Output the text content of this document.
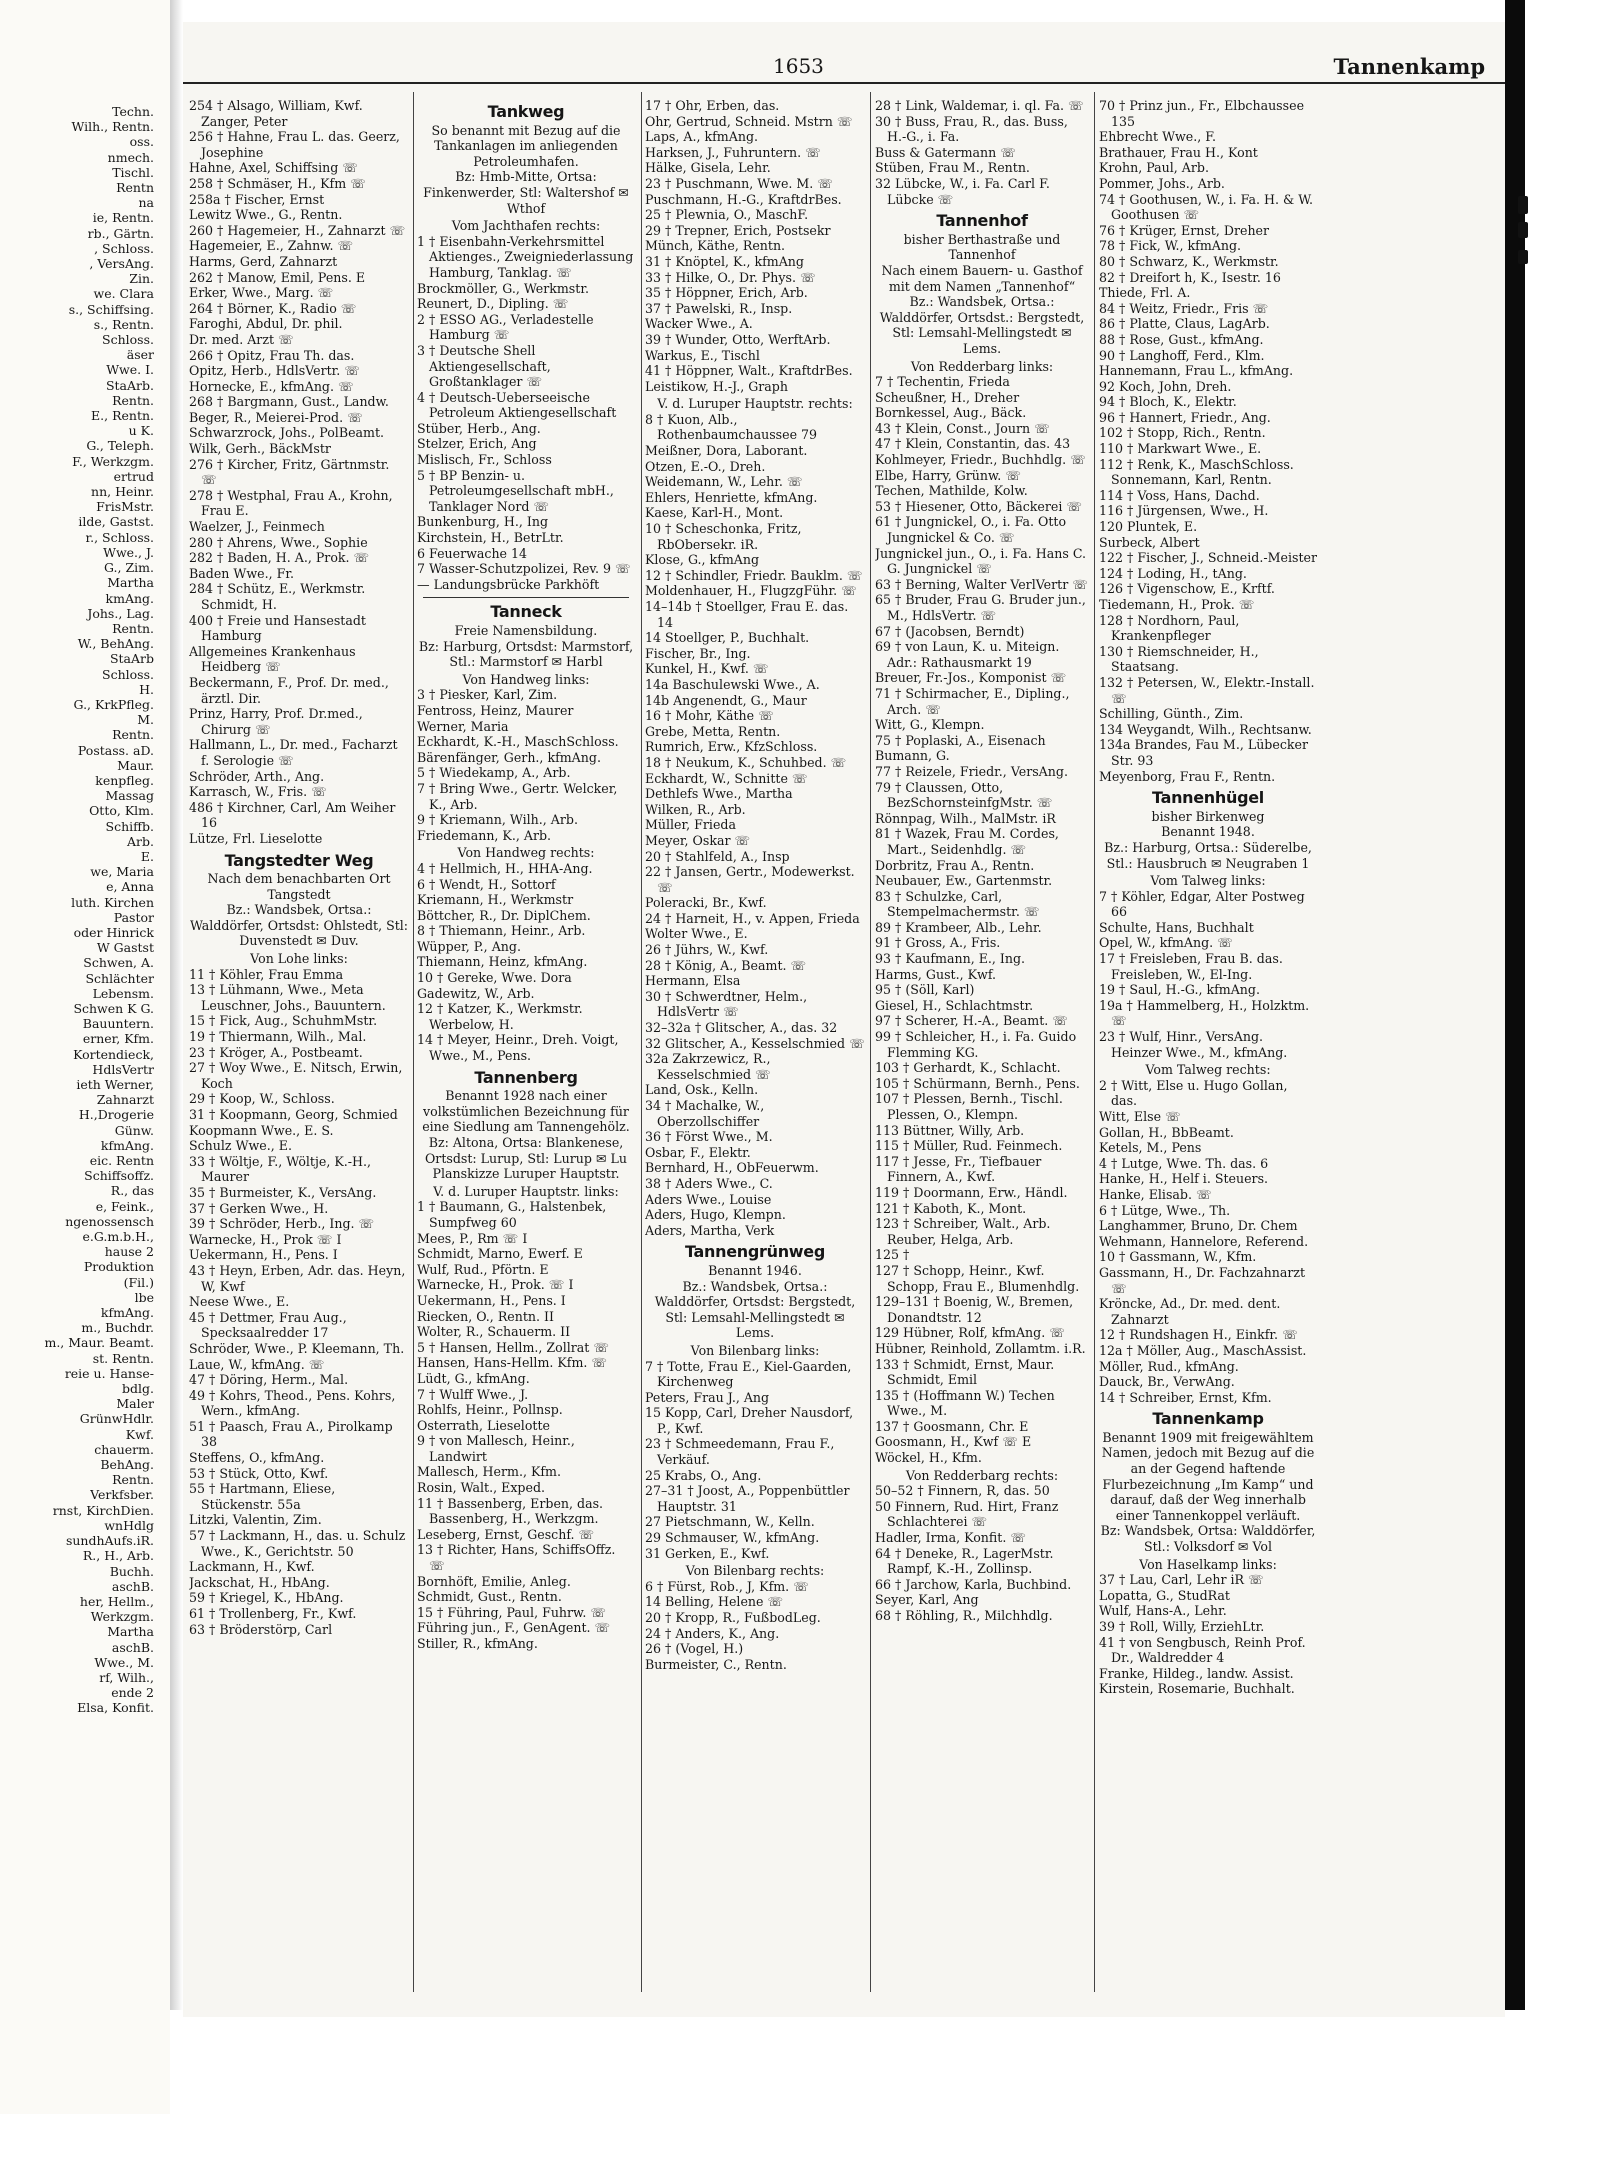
Techn.
Wilh., Rentn.
oss.
nmech.
Tischl.
Rentn
na
ie, Rentn.
rb., Gärtn.
, Schloss.
, VersAng.
Zin.
we. Clara
s., Schiffsing.
s., Rentn.
Schloss.
äser
Wwe. I.
StaArb.
Rentn.
E., Rentn.
u K.
G., Teleph.
F., Werkzgm.
ertrud
nn, Heinr.
FrisMstr.
ilde, Gastst.
r., Schloss.
Wwe., J.
G., Zim.
Martha
kmAng.
Johs., Lag.
Rentn.
W., BehAng.
StaArb
Schloss.
H.
G., KrkPfleg.
M.
Rentn.
Postass. aD.
Maur.
kenpfleg.
Massag
Otto, Klm.
Schiffb.
Arb.
E.
we, Maria
e, Anna
luth. Kirchen
Pastor
oder Hinrick
W Gastst
Schwen, A.
Schlächter
Lebensm.
Schwen K G.
Bauuntern.
erner, Kfm.
Kortendieck,
HdlsVertr
ieth Werner,
Zahnarzt
H.,Drogerie
Günw.
kfmAng.
eic. Rentn
Schiffsoffz.
R., das
e, Feink.,
ngenossensch
e.G.m.b.H.,
hause 2
Produktion
(Fil.)
lbe
kfmAng.
m., Buchdr.
m., Maur. Beamt.
st. Rentn.
reie u. Hanse-
bdlg.
Maler
GrünwHdlr.
Kwf.
chauerm.
BehAng.
Rentn.
Verkfsber.
rnst, KirchDien.
wnHdlg
sundhAufs.iR.
R., H., Arb.
Buchh.
aschB.
her, Hellm.,
Werkzgm.
Martha
aschB.
Wwe., M.
rf, Wilh.,
ende 2
Elsa, Konfit.
1653	Tannenkamp
254 † Alsago, William, Kwf. Zanger, Peter
256 † Hahne, Frau L. das. Geerz, Josephine
Hahne, Axel, Schiffsing ☏
258 † Schmäser, H., Kfm ☏
258a † Fischer, Ernst
Lewitz Wwe., G., Rentn.
260 † Hagemeier, H., Zahnarzt ☏
Hagemeier, E., Zahnw. ☏
Harms, Gerd, Zahnarzt
262 † Manow, Emil, Pens. E
Erker, Wwe., Marg. ☏
264 † Börner, K., Radio ☏
Faroghi, Abdul, Dr. phil.
Dr. med. Arzt ☏
266 † Opitz, Frau Th. das.
Opitz, Herb., HdlsVertr. ☏
Hornecke, E., kfmAng. ☏
268 † Bargmann, Gust., Landw.
Beger, R., Meierei-Prod. ☏
Schwarzrock, Johs., PolBeamt.
Wilk, Gerh., BäckMstr
276 † Kircher, Fritz, Gärtnmstr. ☏
278 † Westphal, Frau A., Krohn, Frau E.
Waelzer, J., Feinmech
280 † Ahrens, Wwe., Sophie
282 † Baden, H. A., Prok. ☏
Baden Wwe., Fr.
284 † Schütz, E., Werkmstr. Schmidt, H.
400 † Freie und Hansestadt Hamburg
Allgemeines Krankenhaus Heidberg ☏
Beckermann, F., Prof. Dr. med., ärztl. Dir.
Prinz, Harry, Prof. Dr.med., Chirurg ☏
Hallmann, L., Dr. med., Facharzt f. Serologie ☏
Schröder, Arth., Ang.
Karrasch, W., Fris. ☏
486 † Kirchner, Carl, Am Weiher 16
Lütze, Frl. Lieselotte
Tangstedter Weg
Nach dem benachbarten Ort Tangstedt
Bz.: Wandsbek, Ortsa.: Walddörfer, Ortsdst: Ohlstedt, Stl: Duvenstedt ✉ Duv.
Von Lohe links:
11 † Köhler, Frau Emma
13 † Lühmann, Wwe., Meta Leuschner, Johs., Bauuntern.
15 † Fick, Aug., SchuhmMstr.
19 † Thiermann, Wilh., Mal.
23 † Kröger, A., Postbeamt.
27 † Woy Wwe., E. Nitsch, Erwin, Koch
29 † Koop, W., Schloss.
31 † Koopmann, Georg, Schmied
Koopmann Wwe., E. S.
Schulz Wwe., E.
33 † Wöltje, F., Wöltje, K.-H., Maurer
35 † Burmeister, K., VersAng.
37 † Gerken Wwe., H.
39 † Schröder, Herb., Ing. ☏
Warnecke, H., Prok ☏ I
Uekermann, H., Pens. I
43 † Heyn, Erben, Adr. das. Heyn, W, Kwf
Neese Wwe., E.
45 † Dettmer, Frau Aug., Specksaalredder 17
Schröder, Wwe., P. Kleemann, Th.
Laue, W., kfmAng. ☏
47 † Döring, Herm., Mal.
49 † Kohrs, Theod., Pens. Kohrs, Wern., kfmAng.
51 † Paasch, Frau A., Pirolkamp 38
Steffens, O., kfmAng.
53 † Stück, Otto, Kwf.
55 † Hartmann, Eliese, Stückenstr. 55a
Litzki, Valentin, Zim.
57 † Lackmann, H., das. u. Schulz Wwe., K., Gerichtstr. 50
Lackmann, H., Kwf.
Jackschat, H., HbAng.
59 † Kriegel, K., HbAng.
61 † Trollenberg, Fr., Kwf.
63 † Bröderstörp, Carl
Tankweg
So benannt mit Bezug auf die Tankanlagen im anliegenden Petroleumhafen.
Bz: Hmb-Mitte, Ortsa: Finkenwerder, Stl: Waltershof ✉ Wthof
Vom Jachthafen rechts:
1 † Eisenbahn-Verkehrsmittel Aktienges., Zweigniederlassung Hamburg, Tanklag. ☏
Brockmöller, G., Werkmstr.
Reunert, D., Dipling. ☏
2 † ESSO AG., Verladestelle Hamburg ☏
3 † Deutsche Shell Aktiengesellschaft, Großtanklager ☏
4 † Deutsch-Ueberseeische Petroleum Aktiengesellschaft
Stüber, Herb., Ang.
Stelzer, Erich, Ang
Mislisch, Fr., Schloss
5 † BP Benzin- u. Petroleumgesellschaft mbH., Tanklager Nord ☏
Bunkenburg, H., Ing
Kirchstein, H., BetrLtr.
6 Feuerwache 14
7 Wasser-Schutzpolizei, Rev. 9 ☏
— Landungsbrücke Parkhöft
Tanneck
Freie Namensbildung.
Bz: Harburg, Ortsdst: Marmstorf, Stl.: Marmstorf ✉ Harbl
Von Handweg links:
3 † Piesker, Karl, Zim.
Fentross, Heinz, Maurer
Werner, Maria
Eckhardt, K.-H., MaschSchloss.
Bärenfänger, Gerh., kfmAng.
5 † Wiedekamp, A., Arb.
7 † Bring Wwe., Gertr. Welcker, K., Arb.
9 † Kriemann, Wilh., Arb.
Friedemann, K., Arb.
Von Handweg rechts:
4 † Hellmich, H., HHA-Ang.
6 † Wendt, H., Sottorf
Kriemann, H., Werkmstr
Böttcher, R., Dr. DiplChem.
8 † Thiemann, Heinr., Arb.
Wüpper, P., Ang.
Thiemann, Heinz, kfmAng.
10 † Gereke, Wwe. Dora
Gadewitz, W., Arb.
12 † Katzer, K., Werkmstr. Werbelow, H.
14 † Meyer, Heinr., Dreh. Voigt, Wwe., M., Pens.
Tannenberg
Benannt 1928 nach einer volkstümlichen Bezeichnung für eine Siedlung am Tannengehölz.
Bz: Altona, Ortsa: Blankenese, Ortsdst: Lurup, Stl: Lurup ✉ Lu
Planskizze Luruper Hauptstr.
V. d. Luruper Hauptstr. links:
1 † Baumann, G., Halstenbek, Sumpfweg 60
Mees, P., Rm ☏ I
Schmidt, Marno, Ewerf. E
Wulf, Rud., Pförtn. E
Warnecke, H., Prok. ☏ I
Uekermann, H., Pens. I
Riecken, O., Rentn. II
Wolter, R., Schauerm. II
5 † Hansen, Hellm., Zollrat ☏
Hansen, Hans-Hellm. Kfm. ☏
Lüdt, G., kfmAng.
7 † Wulff Wwe., J.
Rohlfs, Heinr., Pollnsp.
Osterrath, Lieselotte
9 † von Mallesch, Heinr., Landwirt
Mallesch, Herm., Kfm.
Rosin, Walt., Exped.
11 † Bassenberg, Erben, das. Bassenberg, H., Werkzgm.
Leseberg, Ernst, Geschf. ☏
13 † Richter, Hans, SchiffsOffz. ☏
Bornhöft, Emilie, Anleg.
Schmidt, Gust., Rentn.
15 † Führing, Paul, Fuhrw. ☏
Führing jun., F., GenAgent. ☏
Stiller, R., kfmAng.
17 † Ohr, Erben, das.
Ohr, Gertrud, Schneid. Mstrn ☏
Laps, A., kfmAng.
Harksen, J., Fuhruntern. ☏
Hälke, Gisela, Lehr.
23 † Puschmann, Wwe. M. ☏
Puschmann, H.-G., KraftdrBes.
25 † Plewnia, O., MaschF.
29 † Trepner, Erich, Postsekr
Münch, Käthe, Rentn.
31 † Knöptel, K., kfmAng
33 † Hilke, O., Dr. Phys. ☏
35 † Höppner, Erich, Arb.
37 † Pawelski, R., Insp.
Wacker Wwe., A.
39 † Wunder, Otto, WerftArb.
Warkus, E., Tischl
41 † Höppner, Walt., KraftdrBes.
Leistikow, H.-J., Graph
V. d. Luruper Hauptstr. rechts:
8 † Kuon, Alb., Rothenbaumchaussee 79
Meißner, Dora, Laborant.
Otzen, E.-O., Dreh.
Weidemann, W., Lehr. ☏
Ehlers, Henriette, kfmAng.
Kaese, Karl-H., Mont.
10 † Scheschonka, Fritz, RbObersekr. iR.
Klose, G., kfmAng
12 † Schindler, Friedr. Bauklm. ☏
Moldenhauer, H., FlugzgFühr. ☏
14–14b † Stoellger, Frau E. das. 14
14 Stoellger, P., Buchhalt.
Fischer, Br., Ing.
Kunkel, H., Kwf. ☏
14a Baschulewski Wwe., A.
14b Angenendt, G., Maur
16 † Mohr, Käthe ☏
Grebe, Metta, Rentn.
Rumrich, Erw., KfzSchloss.
18 † Neukum, K., Schuhbed. ☏
Eckhardt, W., Schnitte ☏
Dethlefs Wwe., Martha
Wilken, R., Arb.
Müller, Frieda
Meyer, Oskar ☏
20 † Stahlfeld, A., Insp
22 † Jansen, Gertr., Modewerkst. ☏
Poleracki, Br., Kwf.
24 † Harneit, H., v. Appen, Frieda
Wolter Wwe., E.
26 † Jührs, W., Kwf.
28 † König, A., Beamt. ☏
Hermann, Elsa
30 † Schwerdtner, Helm., HdlsVertr ☏
32–32a † Glitscher, A., das. 32
32 Glitscher, A., Kesselschmied ☏
32a Zakrzewicz, R., Kesselschmied ☏
Land, Osk., Kelln.
34 † Machalke, W., Oberzollschiffer
36 † Först Wwe., M.
Osbar, F., Elektr.
Bernhard, H., ObFeuerwm.
38 † Aders Wwe., C.
Aders Wwe., Louise
Aders, Hugo, Klempn.
Aders, Martha, Verk
Tannengrünweg
Benannt 1946.
Bz.: Wandsbek, Ortsa.: Walddörfer, Ortsdst: Bergstedt, Stl: Lemsahl-Mellingstedt ✉ Lems.
Von Bilenbarg links:
7 † Totte, Frau E., Kiel-Gaarden, Kirchenweg
Peters, Frau J., Ang
15 Kopp, Carl, Dreher Nausdorf, P., Kwf.
23 † Schmeedemann, Frau F., Verkäuf.
25 Krabs, O., Ang.
27–31 † Joost, A., Poppenbüttler Hauptstr. 31
27 Pietschmann, W., Kelln.
29 Schmauser, W., kfmAng.
31 Gerken, E., Kwf.
Von Bilenbarg rechts:
6 † Fürst, Rob., J, Kfm. ☏
14 Belling, Helene ☏
20 † Kropp, R., FußbodLeg.
24 † Anders, K., Ang.
26 † (Vogel, H.)
Burmeister, C., Rentn.
28 † Link, Waldemar, i. ql. Fa. ☏
30 † Buss, Frau, R., das. Buss, H.-G., i. Fa.
Buss & Gatermann ☏
Stüben, Frau M., Rentn.
32 Lübcke, W., i. Fa. Carl F. Lübcke ☏
Tannenhof
bisher Berthastraße und Tannenhof
Nach einem Bauern- u. Gasthof mit dem Namen „Tannenhof“
Bz.: Wandsbek, Ortsa.: Walddörfer, Ortsdst.: Bergstedt, Stl: Lemsahl-Mellingstedt ✉ Lems.
Von Redderbarg links:
7 † Techentin, Frieda
Scheußner, H., Dreher
Bornkessel, Aug., Bäck.
43 † Klein, Const., Journ ☏
47 † Klein, Constantin, das. 43
Kohlmeyer, Friedr., Buchhdlg. ☏
Elbe, Harry, Grünw. ☏
Techen, Mathilde, Kolw.
53 † Hiesener, Otto, Bäckerei ☏
61 † Jungnickel, O., i. Fa. Otto Jungnickel & Co. ☏
Jungnickel jun., O., i. Fa. Hans C. G. Jungnickel ☏
63 † Berning, Walter VerlVertr ☏
65 † Bruder, Frau G. Bruder jun., M., HdlsVertr. ☏
67 † (Jacobsen, Berndt)
69 † von Laun, K. u. Miteign. Adr.: Rathausmarkt 19
Breuer, Fr.-Jos., Komponist ☏
71 † Schirmacher, E., Dipling., Arch. ☏
Witt, G., Klempn.
75 † Poplaski, A., Eisenach
Bumann, G.
77 † Reizele, Friedr., VersAng.
79 † Claussen, Otto, BezSchornsteinfgMstr. ☏
Rönnpag, Wilh., MalMstr. iR
81 † Wazek, Frau M. Cordes, Mart., Seidenhdlg. ☏
Dorbritz, Frau A., Rentn.
Neubauer, Ew., Gartenmstr.
83 † Schulzke, Carl, Stempelmachermstr. ☏
89 † Krambeer, Alb., Lehr.
91 † Gross, A., Fris.
93 † Kaufmann, E., Ing.
Harms, Gust., Kwf.
95 † (Söll, Karl)
Giesel, H., Schlachtmstr.
97 † Scherer, H.-A., Beamt. ☏
99 † Schleicher, H., i. Fa. Guido Flemming KG.
103 † Gerhardt, K., Schlacht.
105 † Schürmann, Bernh., Pens.
107 † Plessen, Bernh., Tischl. Plessen, O., Klempn.
113 Büttner, Willy, Arb.
115 † Müller, Rud. Feinmech.
117 † Jesse, Fr., Tiefbauer Finnern, A., Kwf.
119 † Doormann, Erw., Händl.
121 † Kaboth, K., Mont.
123 † Schreiber, Walt., Arb. Reuber, Helga, Arb.
125 †
127 † Schopp, Heinr., Kwf. Schopp, Frau E., Blumenhdlg.
129–131 † Boenig, W., Bremen, Donandtstr. 12
129 Hübner, Rolf, kfmAng. ☏
Hübner, Reinhold, Zollamtm. i.R.
133 † Schmidt, Ernst, Maur. Schmidt, Emil
135 † (Hoffmann W.) Techen Wwe., M.
137 † Goosmann, Chr. E
Goosmann, H., Kwf ☏ E
Wöckel, H., Kfm.
Von Redderbarg rechts:
50–52 † Finnern, R, das. 50
50 Finnern, Rud. Hirt, Franz Schlachterei ☏
Hadler, Irma, Konfit. ☏
64 † Deneke, R., LagerMstr. Rampf, K.-H., Zollinsp.
66 † Jarchow, Karla, Buchbind.
Seyer, Karl, Ang
68 † Röhling, R., Milchhdlg.
70 † Prinz jun., Fr., Elbchaussee 135
Ehbrecht Wwe., F.
Brathauer, Frau H., Kont
Krohn, Paul, Arb.
Pommer, Johs., Arb.
74 † Goothusen, W., i. Fa. H. & W. Goothusen ☏
76 † Krüger, Ernst, Dreher
78 † Fick, W., kfmAng.
80 † Schwarz, K., Werkmstr.
82 † Dreifort h, K., Isestr. 16
Thiede, Frl. A.
84 † Weitz, Friedr., Fris ☏
86 † Platte, Claus, LagArb.
88 † Rose, Gust., kfmAng.
90 † Langhoff, Ferd., Klm.
Hannemann, Frau L., kfmAng.
92 Koch, John, Dreh.
94 † Bloch, K., Elektr.
96 † Hannert, Friedr., Ang.
102 † Stopp, Rich., Rentn.
110 † Markwart Wwe., E.
112 † Renk, K., MaschSchloss. Sonnemann, Karl, Rentn.
114 † Voss, Hans, Dachd.
116 † Jürgensen, Wwe., H.
120 Pluntek, E.
Surbeck, Albert
122 † Fischer, J., Schneid.-Meister
124 † Loding, H., tAng.
126 † Vigenschow, E., Krftf.
Tiedemann, H., Prok. ☏
128 † Nordhorn, Paul, Krankenpfleger
130 † Riemschneider, H., Staatsang.
132 † Petersen, W., Elektr.-Install. ☏
Schilling, Günth., Zim.
134 Weygandt, Wilh., Rechtsanw.
134a Brandes, Fau M., Lübecker Str. 93
Meyenborg, Frau F., Rentn.
Tannenhügel
bisher Birkenweg
Benannt 1948.
Bz.: Harburg, Ortsa.: Süderelbe, Stl.: Hausbruch ✉ Neugraben 1
Vom Talweg links:
7 † Köhler, Edgar, Alter Postweg 66
Schulte, Hans, Buchhalt
Opel, W., kfmAng. ☏
17 † Freisleben, Frau B. das. Freisleben, W., El-Ing.
19 † Saul, H.-G., kfmAng.
19a † Hammelberg, H., Holzktm. ☏
23 † Wulf, Hinr., VersAng. Heinzer Wwe., M., kfmAng.
Vom Talweg rechts:
2 † Witt, Else u. Hugo Gollan, das.
Witt, Else ☏
Gollan, H., BbBeamt.
Ketels, M., Pens
4 † Lutge, Wwe. Th. das. 6
Hanke, H., Helf i. Steuers.
Hanke, Elisab. ☏
6 † Lütge, Wwe., Th.
Langhammer, Bruno, Dr. Chem
Wehmann, Hannelore, Referend.
10 † Gassmann, W., Kfm.
Gassmann, H., Dr. Fachzahnarzt ☏
Kröncke, Ad., Dr. med. dent. Zahnarzt
12 † Rundshagen H., Einkfr. ☏
12a † Möller, Aug., MaschAssist.
Möller, Rud., kfmAng.
Dauck, Br., VerwAng.
14 † Schreiber, Ernst, Kfm.
Tannenkamp
Benannt 1909 mit freigewähltem Namen, jedoch mit Bezug auf die an der Gegend haftende Flurbezeichnung „Im Kamp“ und darauf, daß der Weg innerhalb einer Tannenkoppel verläuft.
Bz: Wandsbek, Ortsa: Walddörfer, Stl.: Volksdorf ✉ Vol
Von Haselkamp links:
37 † Lau, Carl, Lehr iR ☏
Lopatta, G., StudRat
Wulf, Hans-A., Lehr.
39 † Roll, Willy, ErziehLtr.
41 † von Sengbusch, Reinh Prof. Dr., Waldredder 4
Franke, Hildeg., landw. Assist.
Kirstein, Rosemarie, Buchhalt.
